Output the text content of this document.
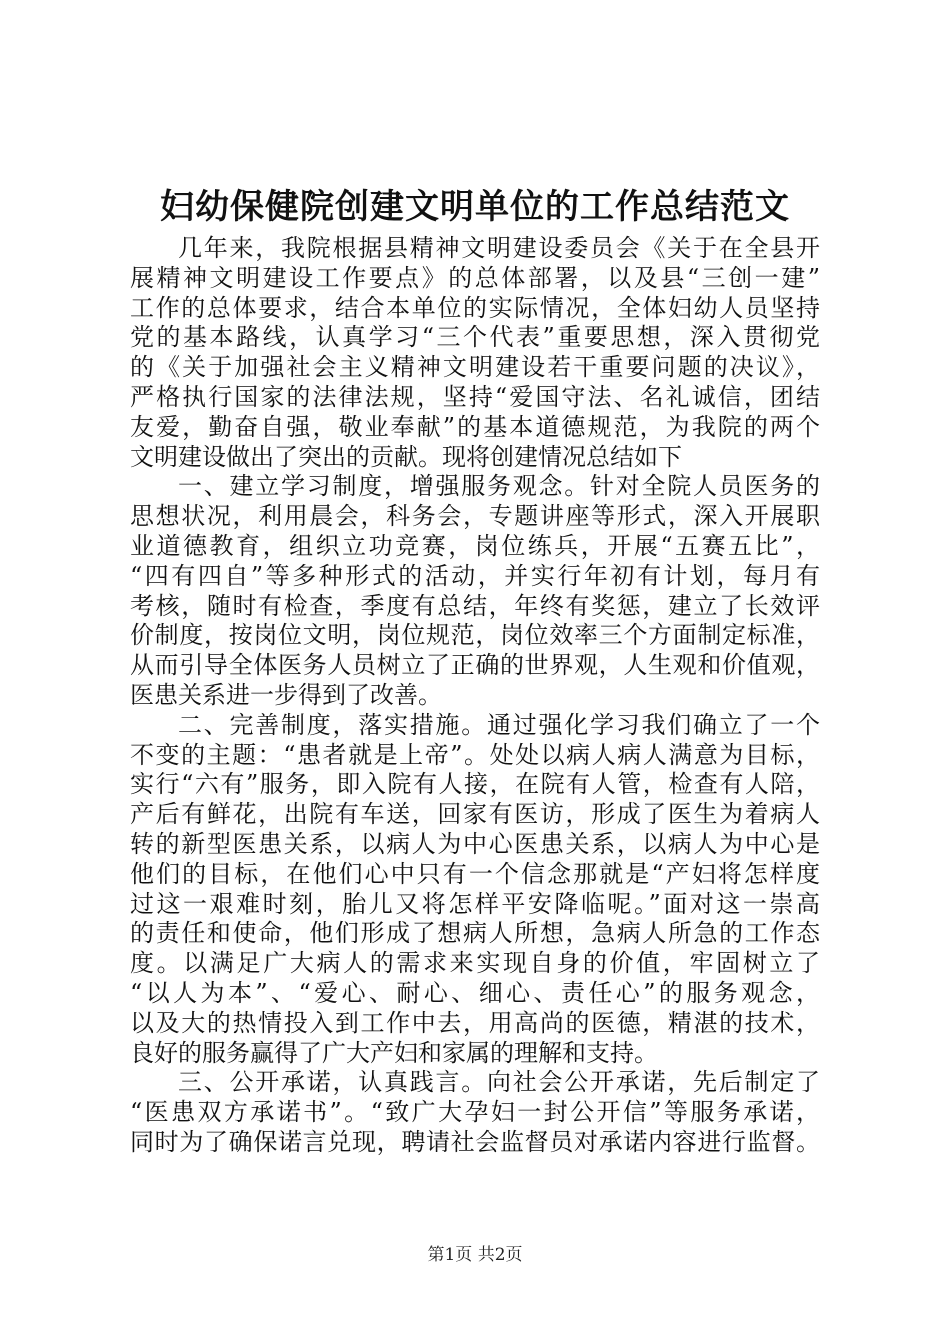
妇幼保健院创建文明单位的工作总结范文
几年来，我院根据县精神文明建设委员会《关于在全县开
展精神文明建设工作要点》的总体部署，以及县“三创一建”
工作的总体要求，结合本单位的实际情况，全体妇幼人员坚持
党的基本路线，认真学习“三个代表”重要思想，深入贯彻党
的《关于加强社会主义精神文明建设若干重要问题的决议》，
严格执行国家的法律法规，坚持“爱国守法、名礼诚信，团结
友爱，勤奋自强，敬业奉献”的基本道德规范，为我院的两个
文明建设做出了突出的贡献。现将创建情况总结如下
一、建立学习制度，增强服务观念。针对全院人员医务的
思想状况，利用晨会，科务会，专题讲座等形式，深入开展职
业道德教育，组织立功竞赛，岗位练兵，开展“五赛五比”，
“四有四自”等多种形式的活动，并实行年初有计划，每月有
考核，随时有检查，季度有总结，年终有奖惩，建立了长效评
价制度，按岗位文明，岗位规范，岗位效率三个方面制定标准，
从而引导全体医务人员树立了正确的世界观，人生观和价值观，
医患关系进一步得到了改善。
二、完善制度，落实措施。通过强化学习我们确立了一个
不变的主题：“患者就是上帝”。处处以病人病人满意为目标，
实行“六有”服务，即入院有人接，在院有人管，检查有人陪，
产后有鲜花，出院有车送，回家有医访，形成了医生为着病人
转的新型医患关系，以病人为中心医患关系，以病人为中心是
他们的目标，在他们心中只有一个信念那就是“产妇将怎样度
过这一艰难时刻，胎儿又将怎样平安降临呢。”面对这一崇高
的责任和使命，他们形成了想病人所想，急病人所急的工作态
度。以满足广大病人的需求来实现自身的价值，牢固树立了
“以人为本”、“爱心、耐心、细心、责任心”的服务观念，
以及大的热情投入到工作中去，用高尚的医德，精湛的技术，
良好的服务赢得了广大产妇和家属的理解和支持。
三、公开承诺，认真践言。向社会公开承诺，先后制定了
“医患双方承诺书”。“致广大孕妇一封公开信”等服务承诺，
同时为了确保诺言兑现，聘请社会监督员对承诺内容进行监督。
第1页 共2页
